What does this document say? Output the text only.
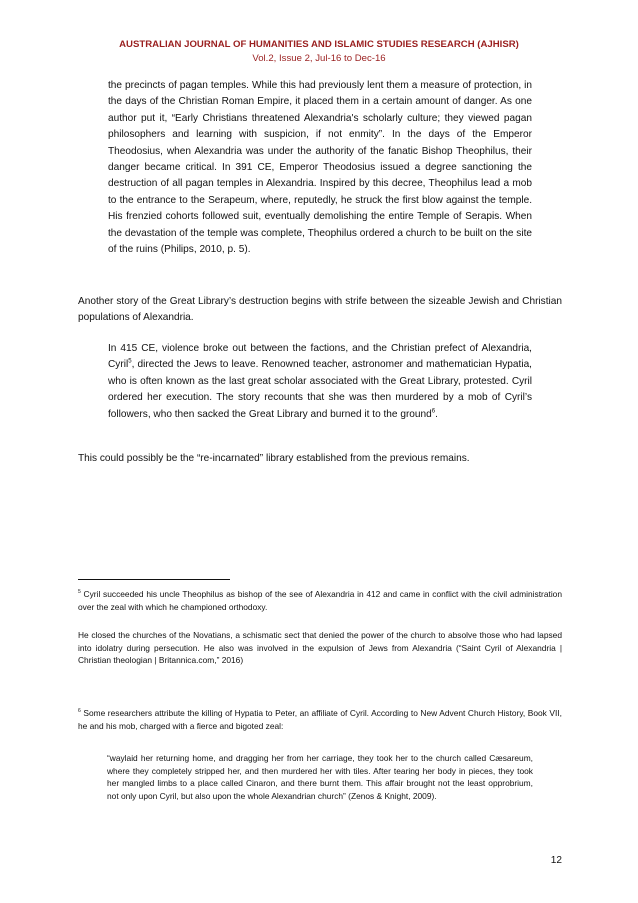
AUSTRALIAN JOURNAL OF HUMANITIES AND ISLAMIC STUDIES RESEARCH (AJHISR)
Vol.2, Issue 2, Jul-16 to Dec-16

the precincts of pagan temples. While this had previously lent them a measure of protection, in the days of the Christian Roman Empire, it placed them in a certain amount of danger. As one author put it, “Early Christians threatened Alexandria's scholarly culture; they viewed pagan philosophers and learning with suspicion, if not enmity”. In the days of the Emperor Theodosius, when Alexandria was under the authority of the fanatic Bishop Theophilus, their danger became critical. In 391 CE, Emperor Theodosius issued a degree sanctioning the destruction of all pagan temples in Alexandria. Inspired by this decree, Theophilus lead a mob to the entrance to the Serapeum, where, reputedly, he struck the first blow against the temple. His frenzied cohorts followed suit, eventually demolishing the entire Temple of Serapis. When the devastation of the temple was complete, Theophilus ordered a church to be built on the site of the ruins (Philips, 2010, p. 5).

Another story of the Great Library’s destruction begins with strife between the sizeable Jewish and Christian populations of Alexandria.

In 415 CE, violence broke out between the factions, and the Christian prefect of Alexandria, Cyril$^5$, directed the Jews to leave. Renowned teacher, astronomer and mathematician Hypatia, who is often known as the last great scholar associated with the Great Library, protested. Cyril ordered her execution. The story recounts that she was then murdered by a mob of Cyril’s followers, who then sacked the Great Library and burned it to the ground$^6$.

This could possibly be the “re-incarnated” library established from the previous remains.

$^5$ Cyril succeeded his uncle Theophilus as bishop of the see of Alexandria in 412 and came in conflict with the civil administration over the zeal with which he championed orthodoxy.

He closed the churches of the Novatians, a schismatic sect that denied the power of the church to absolve those who had lapsed into idolatry during persecution. He also was involved in the expulsion of Jews from Alexandria (“Saint Cyril of Alexandria | Christian theologian | Britannica.com,” 2016)

$^6$ Some researchers attribute the killing of Hypatia to Peter, an affiliate of Cyril. According to New Advent Church History, Book VII, he and his mob, charged with a fierce and bigoted zeal:

“waylaid her returning home, and dragging her from her carriage, they took her to the church called Cæsareum, where they completely stripped her, and then murdered her with tiles. After tearing her body in pieces, they took her mangled limbs to a place called Cinaron, and there burnt them. This affair brought not the least opprobrium, not only upon Cyril, but also upon the whole Alexandrian church” (Zenos & Knight, 2009).

12
